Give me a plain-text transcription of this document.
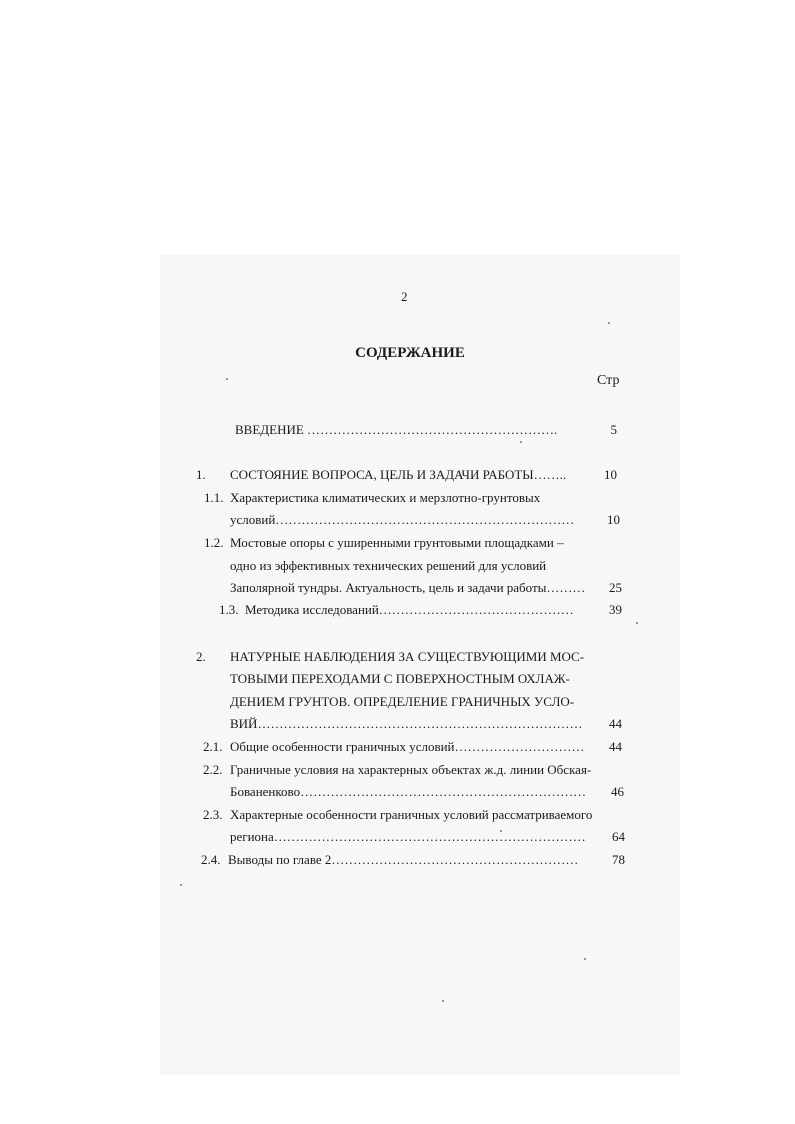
2
СОДЕРЖАНИЕ
Стр
ВВЕДЕНИЕ ………………………………………………….	5
1. СОСТОЯНИЕ ВОПРОСА, ЦЕЛЬ И ЗАДАЧИ РАБОТЫ……..	10
1.1. Характеристика климатических и мерзлотно-грунтовых
условий……………………………………………………………	10
1.2. Мостовые опоры с уширенными грунтовыми площадками –
одно из эффективных технических решений для условий
Заполярной тундры. Актуальность, цель и задачи работы………	25
1.3. Методика исследований………………………………………	39
2. НАТУРНЫЕ НАБЛЮДЕНИЯ ЗА СУЩЕСТВУЮЩИМИ МОС-
ТОВЫМИ ПЕРЕХОДАМИ С ПОВЕРХНОСТНЫМ ОХЛАЖ-
ДЕНИЕМ ГРУНТОВ. ОПРЕДЕЛЕНИЕ ГРАНИЧНЫХ УСЛО-
ВИЙ…………………………………………………………………	44
2.1. Общие особенности граничных условий…………………………	44
2.2. Граничные условия на характерных объектах ж.д. линии Обская-
Бованенково…………………………………………………………	46
2.3. Характерные особенности граничных условий рассматриваемого
региона………………………………………………………………	64
2.4. Выводы по главе 2…………………………………………………	78
